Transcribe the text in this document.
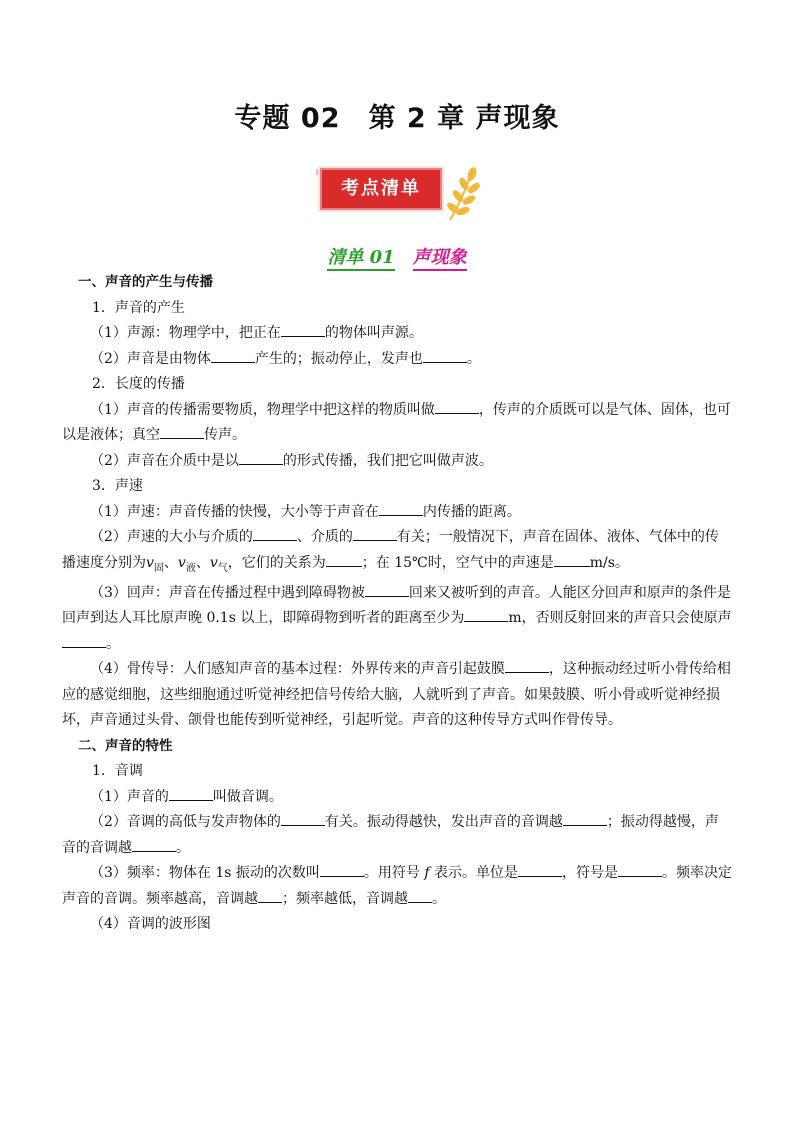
专题 02　第 2 章 声现象
考点清单
清单 01 声现象

一、声音的产生与传播

1．声音的产生

（1）声源：物理学中，把正在	的物体叫声源。

（2）声音是由物体	产生的；振动停止，发声也	。

2．长度的传播

（1）声音的传播需要物质，物理学中把这样的物质叫做	，传声的介质既可以是气体、固体，也可以是液体；真空	传声。

（2）声音在介质中是以	的形式传播，我们把它叫做声波。

3．声速

（1）声速：声音传播的快慢，大小等于声音在	内传播的距离。

（2）声速的大小与介质的	、介质的	有关；一般情况下，声音在固体、液体、气体中的传播速度分别为$v_固$、$v_液$、$v_气$，它们的关系为	；在 15℃时，空气中的声速是	m/s。

（3）回声：声音在传播过程中遇到障碍物被	回来又被听到的声音。人能区分回声和原声的条件是回声到达人耳比原声晚 0.1s 以上，即障碍物到听者的距离至少为	m，否则反射回来的声音只会使原声。

（4）骨传导：人们感知声音的基本过程：外界传来的声音引起鼓膜	，这种振动经过听小骨传给相应的感觉细胞，这些细胞通过听觉神经把信号传给大脑，人就听到了声音。如果鼓膜、听小骨或听觉神经损坏，声音通过头骨、颌骨也能传到听觉神经，引起听觉。声音的这种传导方式叫作骨传导。

二、声音的特性

1．音调

（1）声音的	叫做音调。

（2）音调的高低与发声物体的	有关。振动得越快，发出声音的音调越	；振动得越慢，声音的音调越	。

（3）频率：物体在 1s 振动的次数叫	。用符号 f 表示。单位是	，符号是	。频率决定声音的音调。频率越高，音调越 ；频率越低，音调越 。

（4）音调的波形图
